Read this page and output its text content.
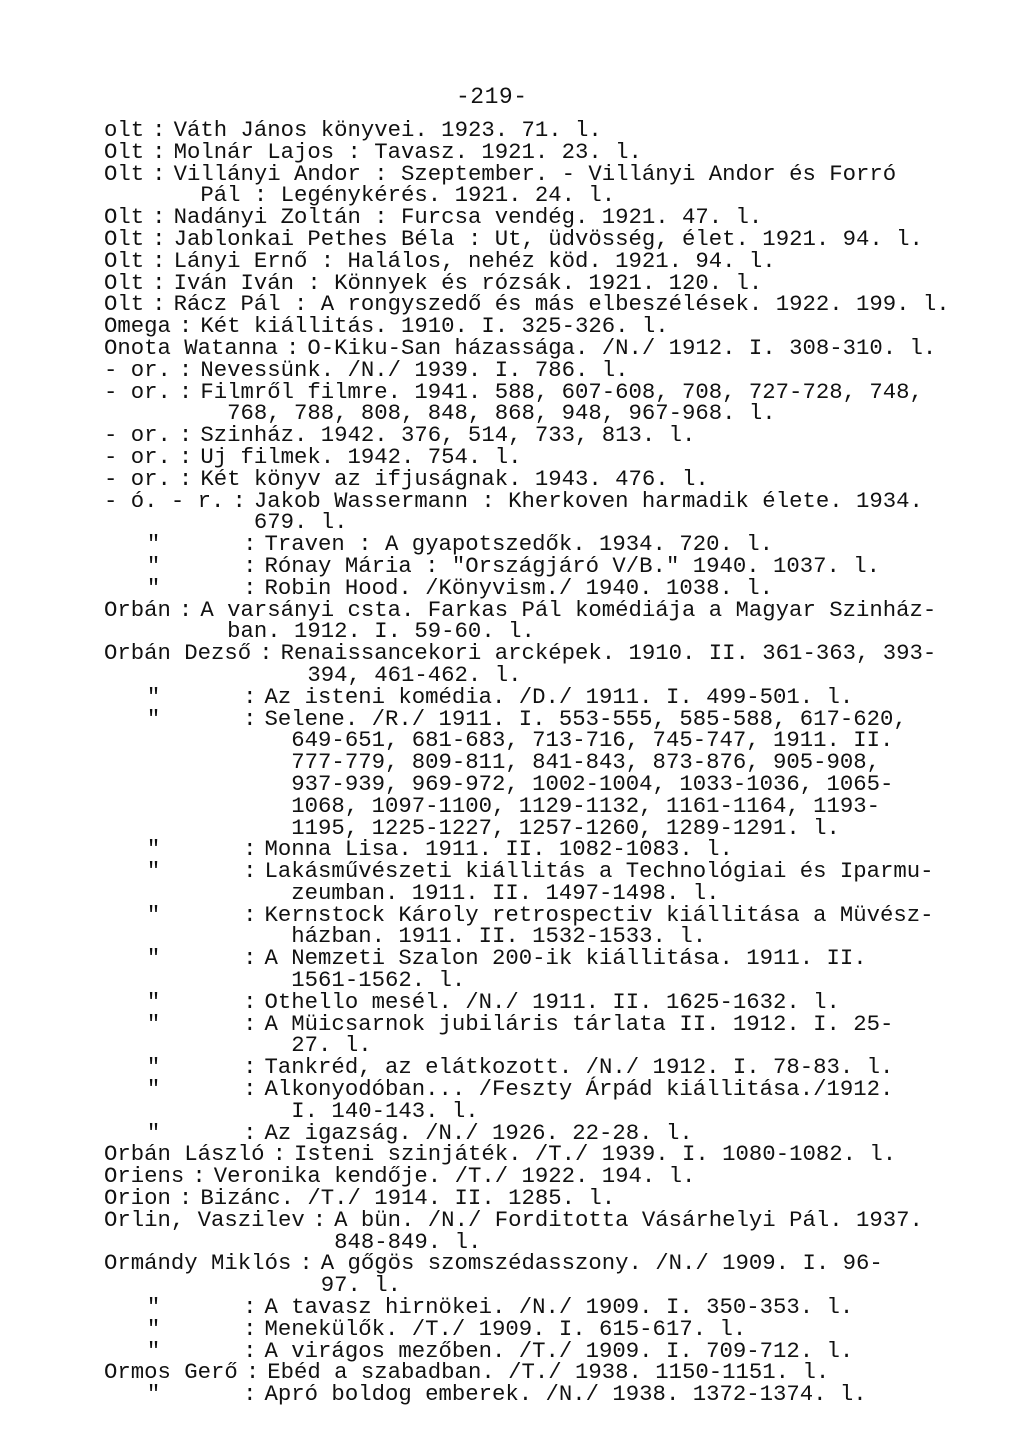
-219-
olt : Váth János könyvei. 1923. 71. l.
Olt : Molnár Lajos : Tavasz. 1921. 23. l.
Olt : Villányi Andor : Szeptember. - Villányi Andor és Forró
Pál : Legénykérés. 1921. 24. l.
Olt : Nadányi Zoltán : Furcsa vendég. 1921. 47. l.
Olt : Jablonkai Pethes Béla : Ut, üdvösség, élet. 1921. 94. l.
Olt : Lányi Ernő : Halálos, nehéz köd. 1921. 94. l.
Olt : Iván Iván : Könnyek és rózsák. 1921. 120. l.
Olt : Rácz Pál : A rongyszedő és más elbeszélések. 1922. 199. l.
Omega : Két kiállitás. 1910. I. 325-326. l.
Onota Watanna : O-Kiku-San házassága. /N./ 1912. I. 308-310. l.
- or. : Nevessünk. /N./ 1939. I. 786. l.
- or. : Filmről filmre. 1941. 588, 607-608, 708, 727-728, 748,
768, 788, 808, 848, 868, 948, 967-968. l.
- or. : Szinház. 1942. 376, 514, 733, 813. l.
- or. : Uj filmek. 1942. 754. l.
- or. : Két könyv az ifjuságnak. 1943. 476. l.
- ó. - r. : Jakob Wassermann : Kherkoven harmadik élete. 1934.
679. l.
"	: Traven : A gyapotszedők. 1934. 720. l.
"	: Rónay Mária : "Országjáró V/B." 1940. 1037. l.
"	: Robin Hood. /Könyvism./ 1940. 1038. l.
Orbán : A varsányi csta. Farkas Pál komédiája a Magyar Szinház-
ban. 1912. I. 59-60. l.
Orbán Dezső : Renaissancekori arcképek. 1910. II. 361-363, 393-
394, 461-462. l.
"	: Az isteni komédia. /D./ 1911. I. 499-501. l.
"	: Selene. /R./ 1911. I. 553-555, 585-588, 617-620,
649-651, 681-683, 713-716, 745-747, 1911. II.
777-779, 809-811, 841-843, 873-876, 905-908,
937-939, 969-972, 1002-1004, 1033-1036, 1065-
1068, 1097-1100, 1129-1132, 1161-1164, 1193-
1195, 1225-1227, 1257-1260, 1289-1291. l.
"	: Monna Lisa. 1911. II. 1082-1083. l.
"	: Lakásművészeti kiállitás a Technológiai és Iparmu-
zeumban. 1911. II. 1497-1498. l.
"	: Kernstock Károly retrospectiv kiállitása a Müvész-
házban. 1911. II. 1532-1533. l.
"	: A Nemzeti Szalon 200-ik kiállitása. 1911. II.
1561-1562. l.
"	: Othello mesél. /N./ 1911. II. 1625-1632. l.
"	: A Müicsarnok jubiláris tárlata II. 1912. I. 25-
27. l.
"	: Tankréd, az elátkozott. /N./ 1912. I. 78-83. l.
"	: Alkonyodóban... /Feszty Árpád kiállitása./1912.
I. 140-143. l.
"	: Az igazság. /N./ 1926. 22-28. l.
Orbán László : Isteni szinjáték. /T./ 1939. I. 1080-1082. l.
Oriens : Veronika kendője. /T./ 1922. 194. l.
Orion : Bizánc. /T./ 1914. II. 1285. l.
Orlin, Vaszilev : A bün. /N./ Forditotta Vásárhelyi Pál. 1937.
848-849. l.
Ormándy Miklós : A gőgös szomszédasszony. /N./ 1909. I. 96-
97. l.
"	: A tavasz hirnökei. /N./ 1909. I. 350-353. l.
"	: Menekülők. /T./ 1909. I. 615-617. l.
"	: A virágos mezőben. /T./ 1909. I. 709-712. l.
Ormos Gerő : Ebéd a szabadban. /T./ 1938. 1150-1151. l.
"	: Apró boldog emberek. /N./ 1938. 1372-1374. l.
